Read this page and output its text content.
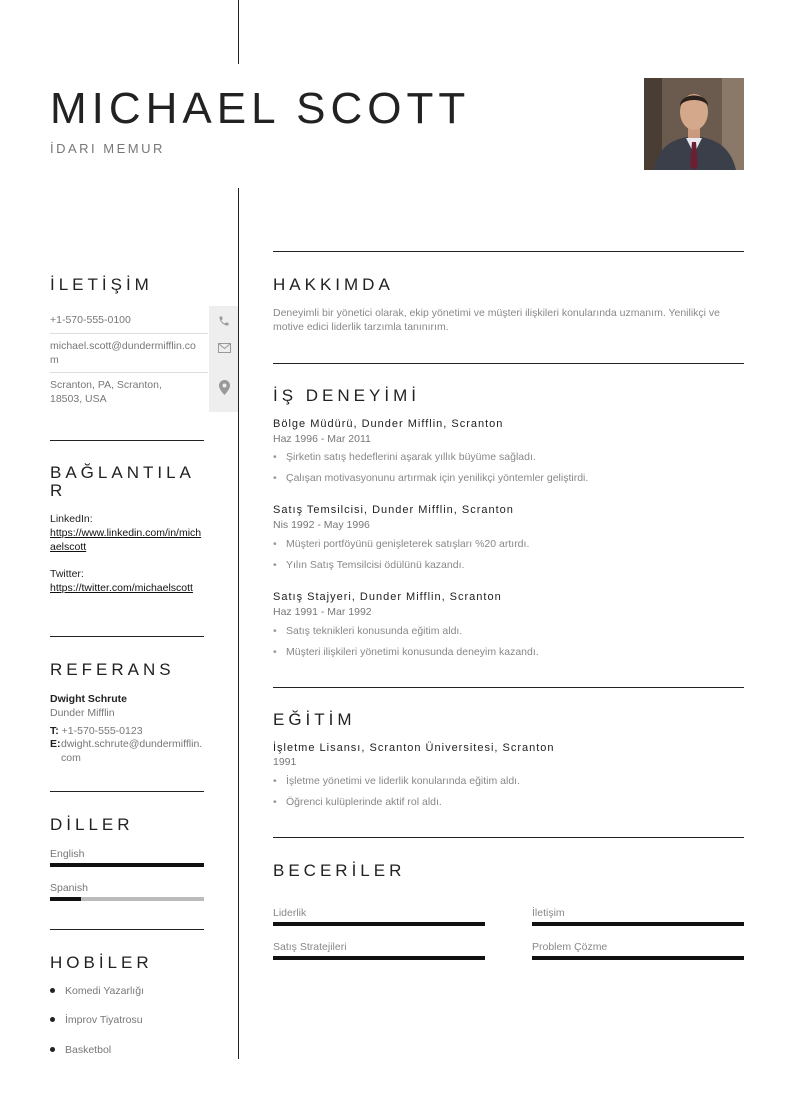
MICHAEL SCOTT
İDARI MEMUR
İLETİŞİM
+1-570-555-0100
michael.scott@dundermifflin.com
Scranton, PA, Scranton, 18503, USA
BAĞLANTILAR
LinkedIn:
https://www.linkedin.com/in/michaelscott
Twitter:
https://twitter.com/michaelscott
REFERANS
Dwight Schrute
Dunder Mifflin
T: +1-570-555-0123
E: dwight.schrute@dundermifflin.com
DİLLER
English
Spanish
HOBİLER
Komedi Yazarlığı
İmprov Tiyatrosu
Basketbol
HAKKIMDA
Deneyimli bir yönetici olarak, ekip yönetimi ve müşteri ilişkileri konularında uzmanım. Yenilikçi ve motive edici liderlik tarzımla tanınırım.
İŞ DENEYİMİ
Bölge Müdürü, Dunder Mifflin, Scranton
Haz 1996 - Mar 2011
• Şirketin satış hedeflerini aşarak yıllık büyüme sağladı.
• Çalışan motivasyonunu artırmak için yenilikçi yöntemler geliştirdi.
Satış Temsilcisi, Dunder Mifflin, Scranton
Nis 1992 - May 1996
• Müşteri portföyünü genişleterek satışları %20 artırdı.
• Yılın Satış Temsilcisi ödülünü kazandı.
Satış Stajyeri, Dunder Mifflin, Scranton
Haz 1991 - Mar 1992
• Satış teknikleri konusunda eğitim aldı.
• Müşteri ilişkileri yönetimi konusunda deneyim kazandı.
EĞİTİM
İşletme Lisansı, Scranton Üniversitesi, Scranton
1991
• İşletme yönetimi ve liderlik konularında eğitim aldı.
• Öğrenci kulüplerinde aktif rol aldı.
BECERİLER
Liderlik	İletişim
Satış Stratejileri	Problem Çözme
